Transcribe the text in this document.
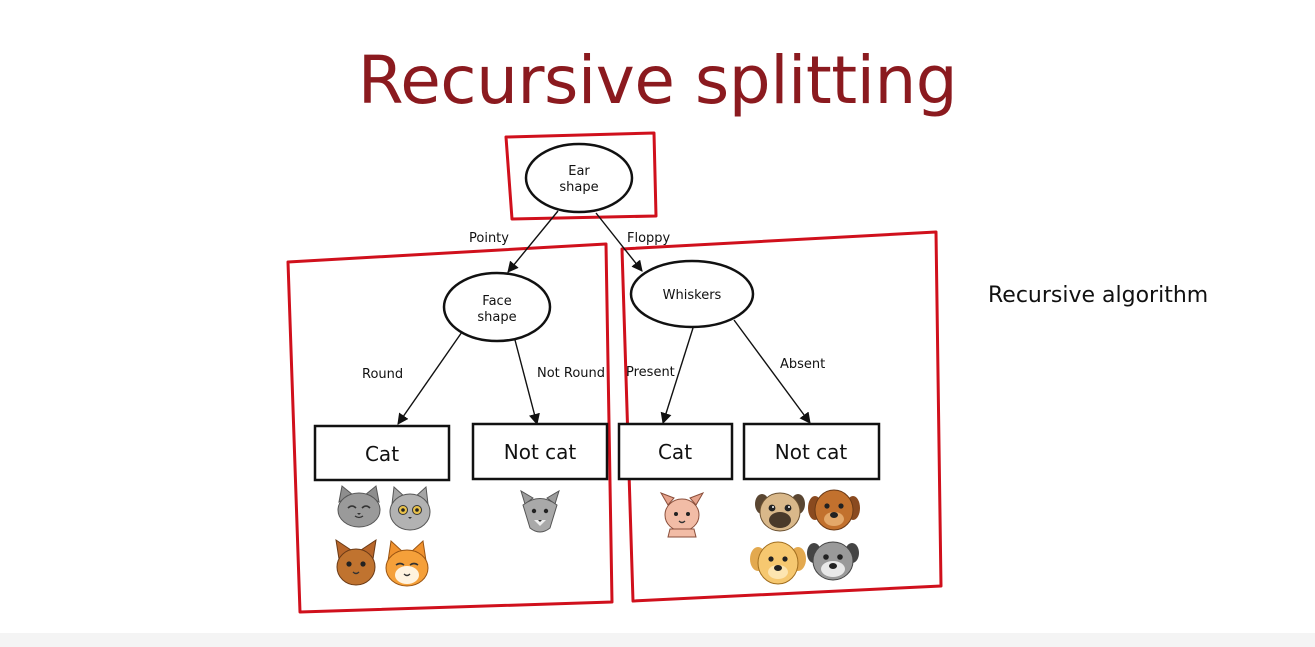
Recursive splitting
Recursive algorithm
Pointy	Floppy
Round	Not Round Present
Absent
Ear
shape
Face
shape
Whiskers
Cat	Not cat	Cat	Not cat
